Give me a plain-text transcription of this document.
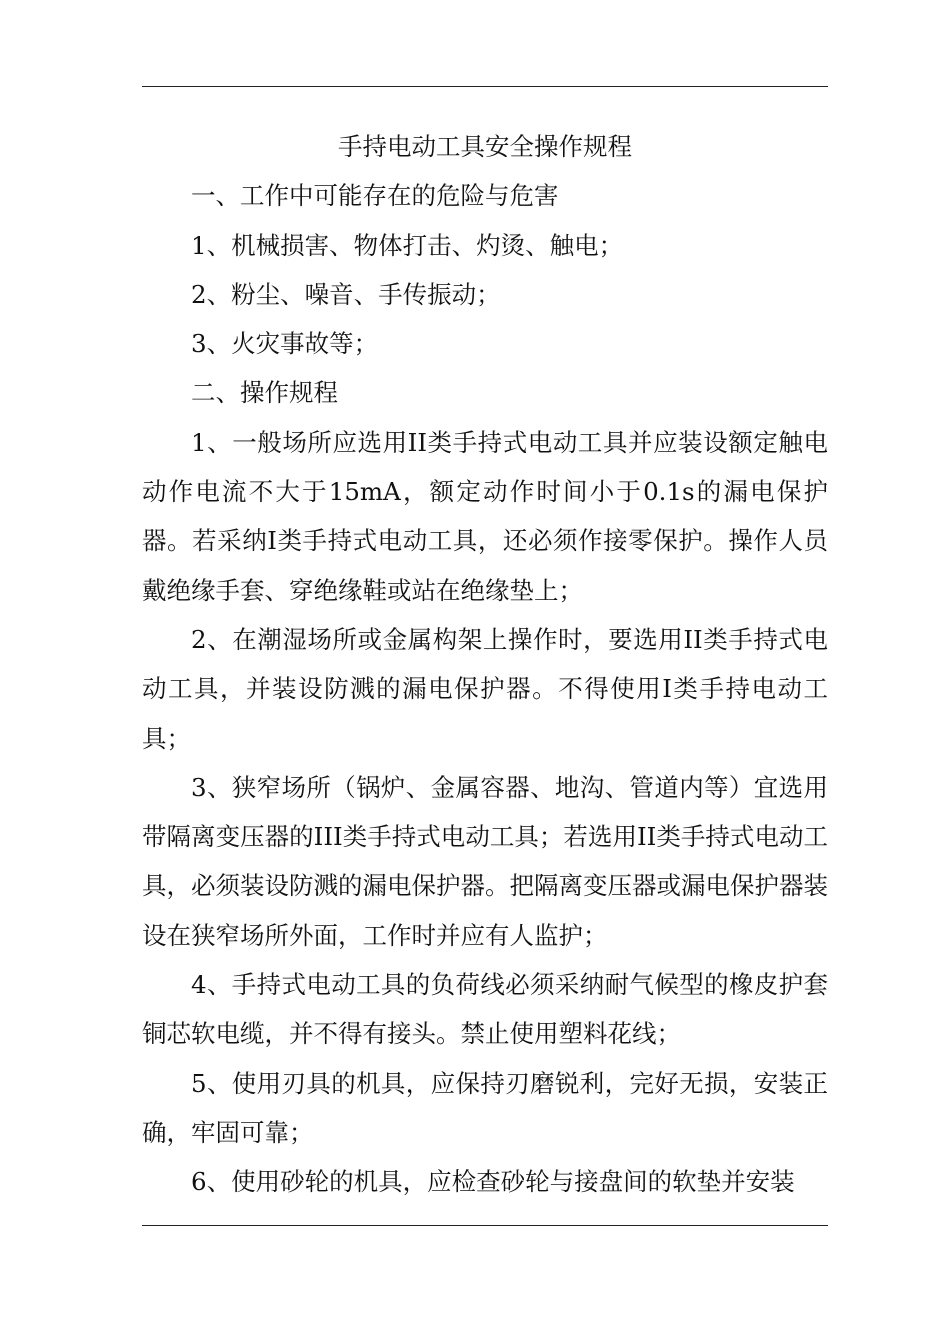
手持电动工具安全操作规程

一、工作中可能存在的危险与危害

1、机械损害、物体打击、灼烫、触电；

2、粉尘、噪音、手传振动；

3、火灾事故等；

二、操作规程

1、一般场所应选用II类手持式电动工具并应装设额定触电动作电流不大于15mA，额定动作时间小于0.1s的漏电保护器。若采纳I类手持式电动工具，还必须作接零保护。操作人员戴绝缘手套、穿绝缘鞋或站在绝缘垫上；

2、在潮湿场所或金属构架上操作时，要选用II类手持式电动工具，并装设防溅的漏电保护器。不得使用I类手持电动工具；

3、狭窄场所（锅炉、金属容器、地沟、管道内等）宜选用带隔离变压器的III类手持式电动工具；若选用II类手持式电动工具，必须装设防溅的漏电保护器。把隔离变压器或漏电保护器装设在狭窄场所外面，工作时并应有人监护；

4、手持式电动工具的负荷线必须采纳耐气候型的橡皮护套铜芯软电缆，并不得有接头。禁止使用塑料花线；

5、使用刃具的机具，应保持刃磨锐利，完好无损，安装正确，牢固可靠；

6、使用砂轮的机具，应检查砂轮与接盘间的软垫并安装
